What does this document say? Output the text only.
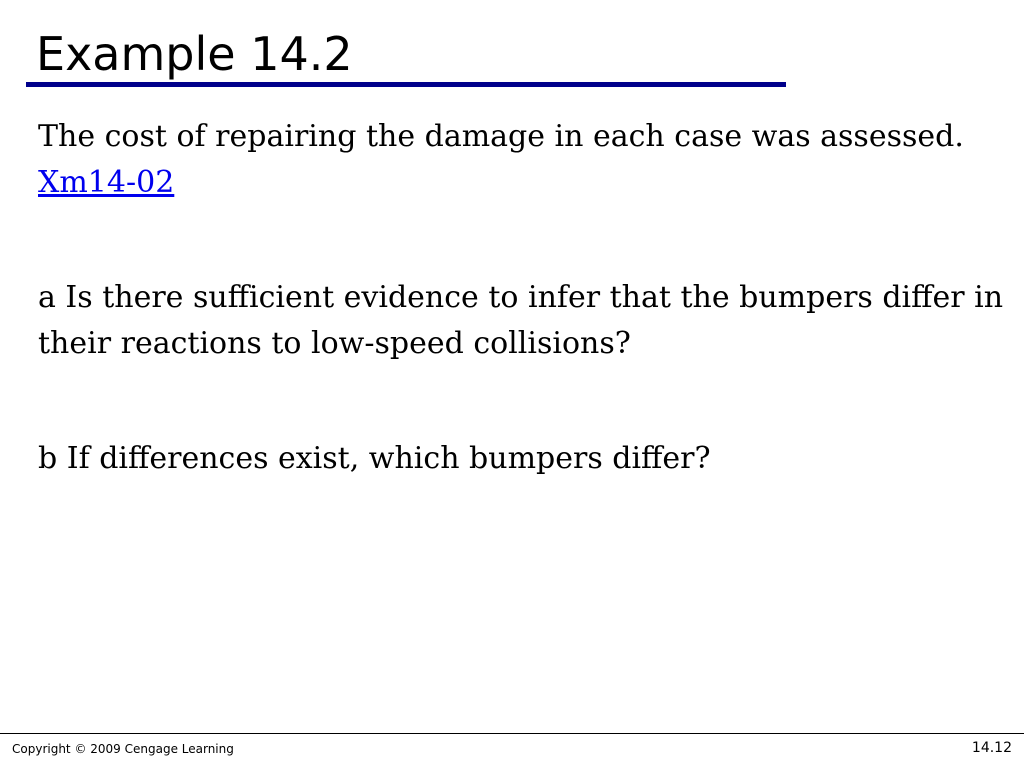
Example 14.2

The cost of repairing the damage in each case was assessed.
Xm14-02

a Is there sufficient evidence to infer that the bumpers differ in their reactions to low-speed collisions?

b If differences exist, which bumpers differ?

Copyright © 2009 Cengage Learning	14.12
